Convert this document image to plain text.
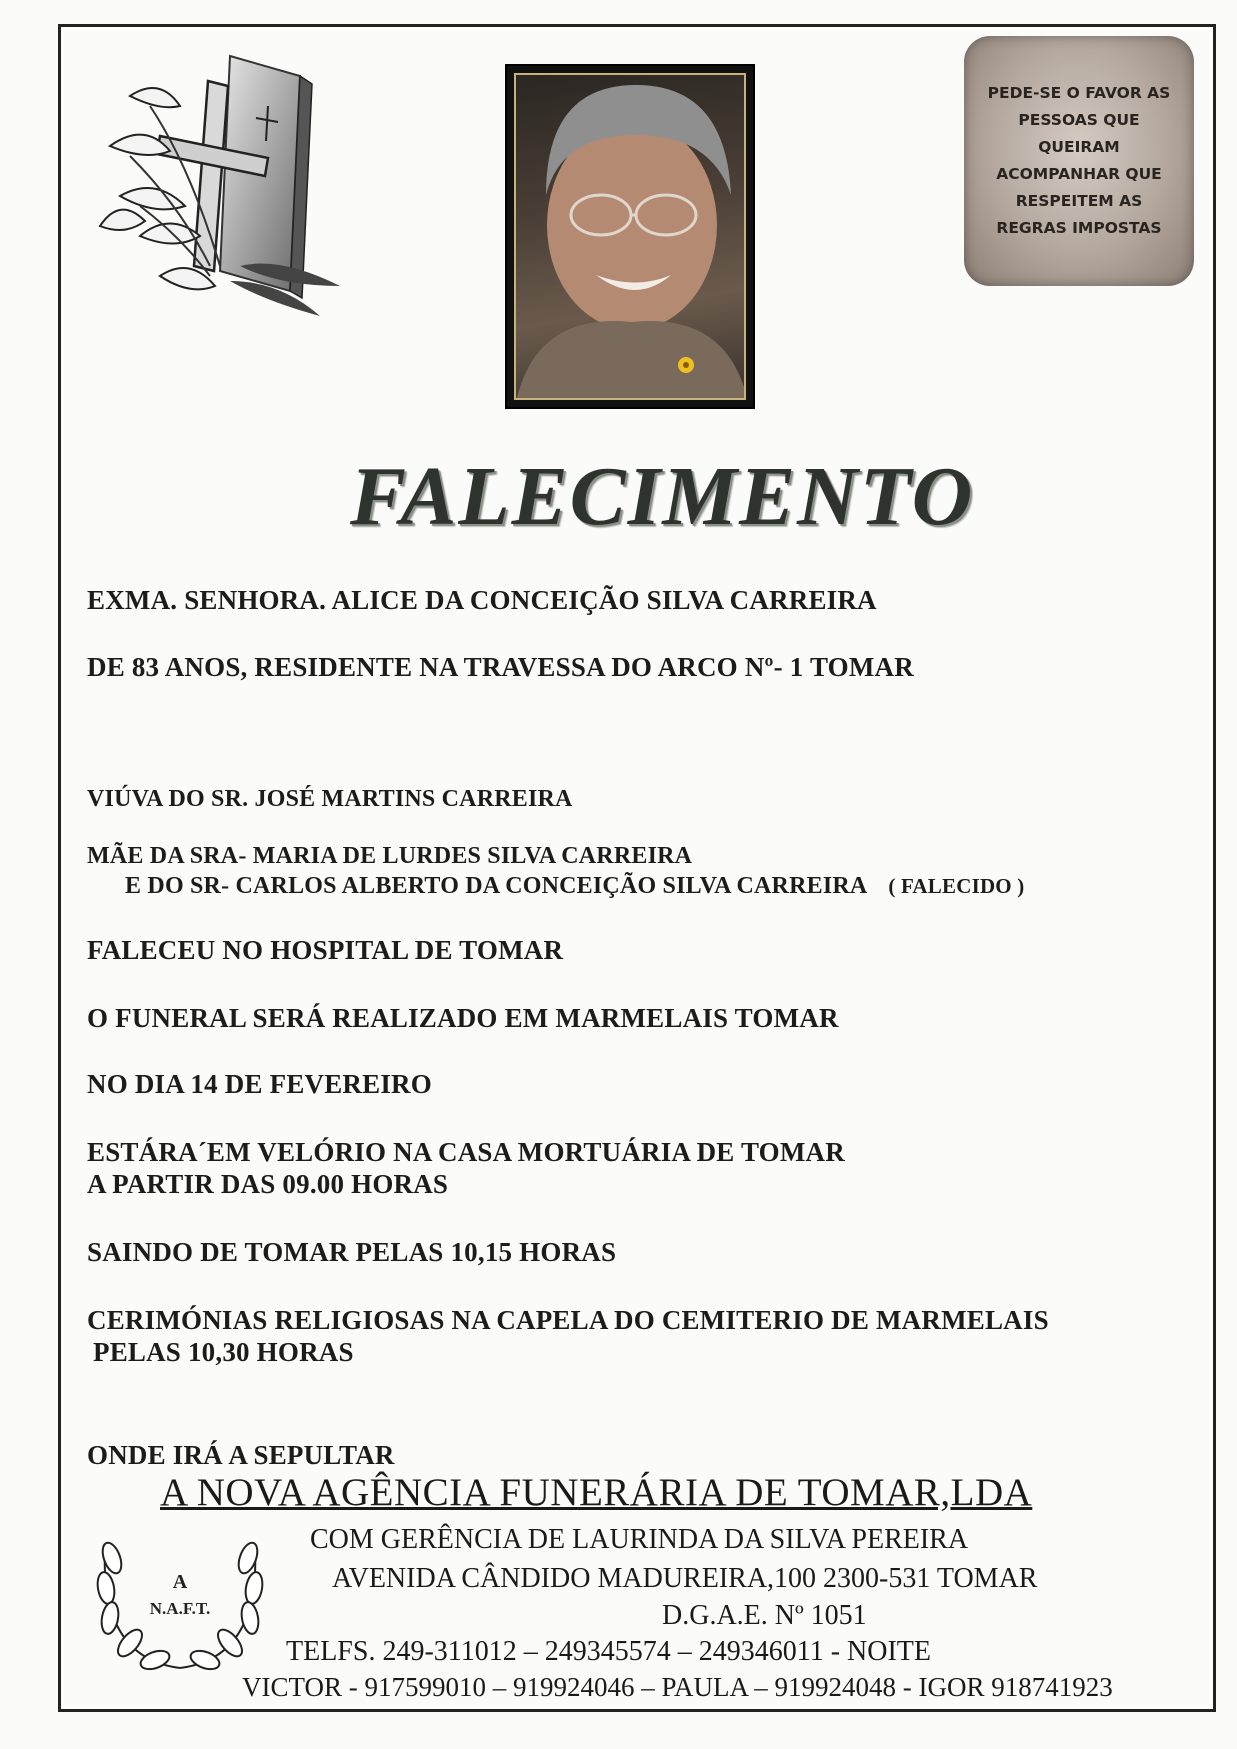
PEDE-SE O FAVOR AS
PESSOAS QUE
QUEIRAM
ACOMPANHAR QUE
RESPEITEM AS
REGRAS IMPOSTAS
FALECIMENTO
EXMA. SENHORA. ALICE DA CONCEIÇÃO SILVA CARREIRA
DE 83 ANOS, RESIDENTE NA TRAVESSA DO ARCO Nº- 1 TOMAR
VIÚVA DO SR. JOSÉ MARTINS CARREIRA
MÃE DA SRA- MARIA DE LURDES SILVA CARREIRA
E DO SR- CARLOS ALBERTO DA CONCEIÇÃO SILVA CARREIRA ( FALECIDO )
FALECEU NO HOSPITAL DE TOMAR
O FUNERAL SERÁ REALIZADO EM MARMELAIS TOMAR
NO DIA 14 DE FEVEREIRO
ESTÁRA´EM VELÓRIO NA CASA MORTUÁRIA DE TOMAR
A PARTIR DAS 09.00 HORAS
SAINDO DE TOMAR PELAS 10,15 HORAS
CERIMÓNIAS RELIGIOSAS NA CAPELA DO CEMITERIO DE MARMELAIS
PELAS 10,30 HORAS
ONDE IRÁ A SEPULTAR
A NOVA AGÊNCIA FUNERÁRIA DE TOMAR,LDA
A
N.A.F.T.
COM GERÊNCIA DE LAURINDA DA SILVA PEREIRA
AVENIDA CÂNDIDO MADUREIRA,100 2300-531 TOMAR
D.G.A.E. Nº 1051
TELFS. 249-311012 – 249345574 – 249346011 - NOITE
VICTOR - 917599010 – 919924046 – PAULA – 919924048 - IGOR 918741923
